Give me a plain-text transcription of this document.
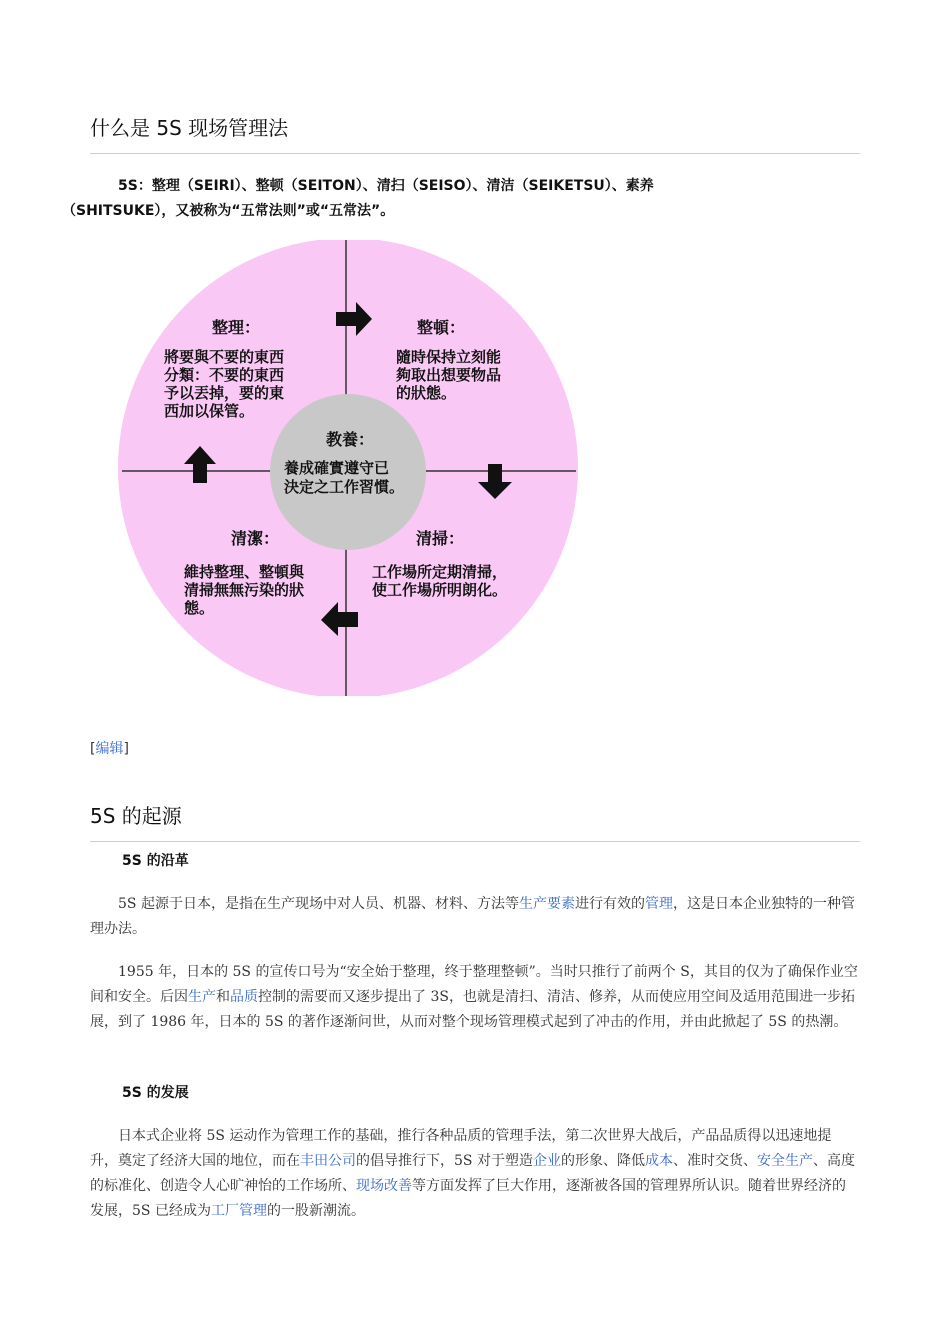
什么是 5S 现场管理法

5S：整理（SEIRI）、整顿（SEITON）、清扫（SEISO）、清洁（SEIKETSU）、素养
（SHITSUKE），又被称为“五常法则”或“五常法”。

整理：
將要與不要的東西
分類：不要的東西
予以丟掉，要的東
西加以保管。
整頓：
隨時保持立刻能
夠取出想要物品
的狀態。
教養：
養成確實遵守已
決定之工作習慣。
清潔：
維持整理、整頓與
清掃無無污染的狀
態。
清掃：
工作場所定期清掃，
使工作場所明朗化。
[编辑]
5S 的起源

5S 的沿革

5S 起源于日本，是指在生产现场中对人员、机器、材料、方法等生产要素进行有效的管理，这是日本企业独特的一种管理办法。

1955 年，日本的 5S 的宣传口号为“安全始于整理，终于整理整顿”。当时只推行了前两个 S，其目的仅为了确保作业空间和安全。后因生产和品质控制的需要而又逐步提出了 3S，也就是清扫、清洁、修养，从而使应用空间及适用范围进一步拓展，到了 1986 年，日本的 5S 的著作逐渐问世，从而对整个现场管理模式起到了冲击的作用，并由此掀起了 5S 的热潮。

5S 的发展

日本式企业将 5S 运动作为管理工作的基础，推行各种品质的管理手法，第二次世界大战后，产品品质得以迅速地提升，奠定了经济大国的地位，而在丰田公司的倡导推行下，5S 对于塑造企业的形象、降低成本、准时交货、安全生产、高度的标准化、创造令人心旷神怡的工作场所、现场改善等方面发挥了巨大作用，逐渐被各国的管理界所认识。随着世界经济的发展，5S 已经成为工厂管理的一股新潮流。
